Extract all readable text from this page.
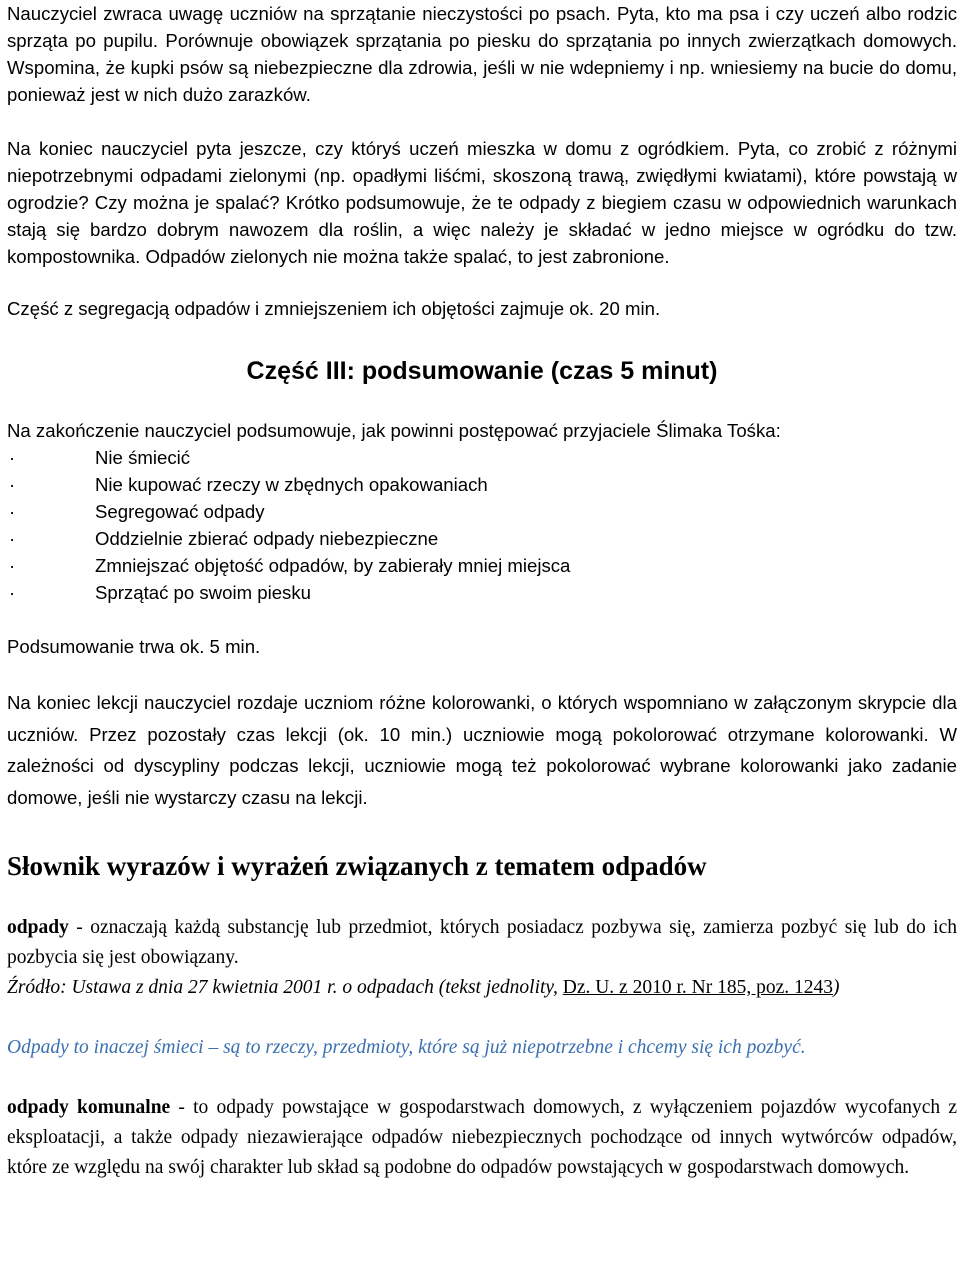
Nauczyciel zwraca uwagę uczniów na sprzątanie nieczystości po psach. Pyta, kto ma psa i czy uczeń albo rodzic sprząta po pupilu. Porównuje obowiązek sprzątania po piesku do sprzątania po innych zwierzątkach domowych. Wspomina, że kupki psów są niebezpieczne dla zdrowia, jeśli w nie wdepniemy i np. wniesiemy na bucie do domu, ponieważ jest w nich dużo zarazków.

Na koniec nauczyciel pyta jeszcze, czy któryś uczeń mieszka w domu z ogródkiem. Pyta, co zrobić z różnymi niepotrzebnymi odpadami zielonymi (np. opadłymi liśćmi, skoszoną trawą, zwiędłymi kwiatami), które powstają w ogrodzie? Czy można je spalać? Krótko podsumowuje, że te odpady z biegiem czasu w odpowiednich warunkach stają się bardzo dobrym nawozem dla roślin, a więc należy je składać w jedno miejsce w ogródku do tzw. kompostownika. Odpadów zielonych nie można także spalać, to jest zabronione.

Część z segregacją odpadów i zmniejszeniem ich objętości zajmuje ok. 20 min.

Część III: podsumowanie (czas 5 minut)

Na zakończenie nauczyciel podsumowuje, jak powinni postępować przyjaciele Ślimaka Tośka:

·	Nie śmiecić
·	Nie kupować rzeczy w zbędnych opakowaniach
·	Segregować odpady
·	Oddzielnie zbierać odpady niebezpieczne
·	Zmniejszać objętość odpadów, by zabierały mniej miejsca
·	Sprzątać po swoim piesku

Podsumowanie trwa ok. 5 min.

Na koniec lekcji nauczyciel rozdaje uczniom różne kolorowanki, o których wspomniano w załączonym skrypcie dla uczniów. Przez pozostały czas lekcji (ok. 10 min.) uczniowie mogą pokolorować otrzymane kolorowanki. W zależności od dyscypliny podczas lekcji, uczniowie mogą też pokolorować wybrane kolorowanki jako zadanie domowe, jeśli nie wystarczy czasu na lekcji.

Słownik wyrazów i wyrażeń związanych z tematem odpadów

odpady - oznaczają każdą substancję lub przedmiot, których posiadacz pozbywa się, zamierza pozbyć się lub do ich pozbycia się jest obowiązany.

Źródło: Ustawa z dnia 27 kwietnia 2001 r. o odpadach (tekst jednolity, Dz. U. z 2010 r. Nr 185, poz. 1243)

Odpady to inaczej śmieci – są to rzeczy, przedmioty, które są już niepotrzebne i chcemy się ich pozbyć.

odpady komunalne - to odpady powstające w gospodarstwach domowych, z wyłączeniem pojazdów wycofanych z eksploatacji, a także odpady niezawierające odpadów niebezpiecznych pochodzące od innych wytwórców odpadów, które ze względu na swój charakter lub skład są podobne do odpadów powstających w gospodarstwach domowych.
